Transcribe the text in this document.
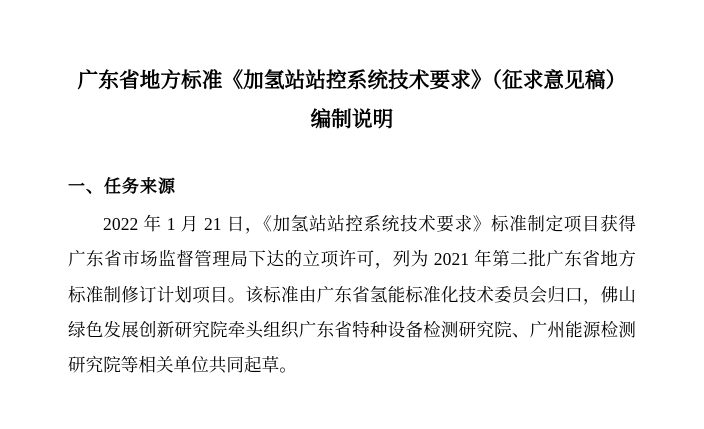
广东省地方标准《加氢站站控系统技术要求》（征求意见稿）
编制说明
一、任务来源

2022 年 1 月 21 日，《加氢站站控系统技术要求》标准制定项目获得广东省市场监督管理局下达的立项许可，列为 2021 年第二批广东省地方标准制修订计划项目。该标准由广东省氢能标准化技术委员会归口，佛山绿色发展创新研究院牵头组织广东省特种设备检测研究院、广州能源检测研究院等相关单位共同起草。
